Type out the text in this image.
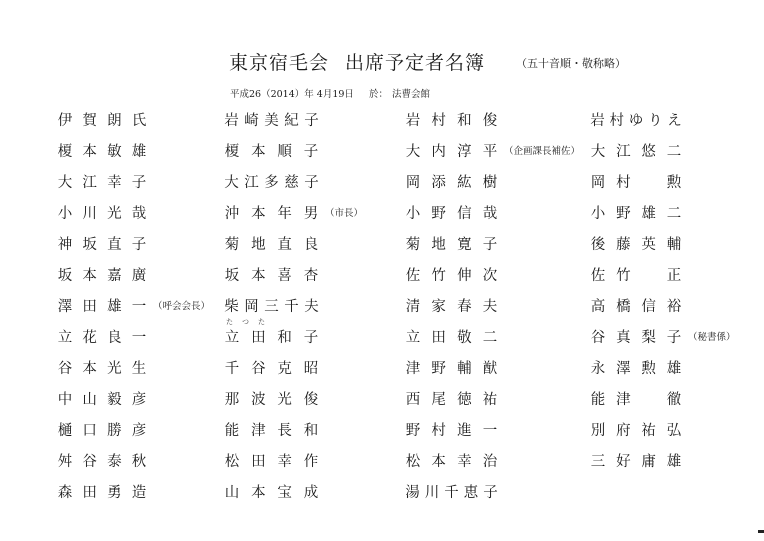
東京宿毛会 出席予定者名簿	（五十音順・敬称略）
平成26（2014）年 4月19日 於： 法曹会館
伊 賀 朗 氏
榎 本 敏 雄
大 江 幸 子
小 川 光 哉
神 坂 直 子
坂 本 嘉 廣
澤 田 雄 一 （呼会会長）
立 花 良 一
谷 本 光 生
中 山 毅 彦
樋 口 勝 彦
舛 谷 泰 秋
森 田 勇 造
岩 崎 美 紀 子
榎 本 順 子
大 江 多 慈 子
沖 本 年 男 （市長）
菊 地 直 良
坂 本 喜 杏
柴 岡 三 千 夫
立 田 和 子
たつた
千 谷 克 昭
那 波 光 俊
能 津 長 和
松 田 幸 作
山 本 宝 成
岩 村 和 俊
大 内 淳 平 （企画課長補佐）
岡 添 紘 樹
小 野 信 哉
菊 地 寛 子
佐 竹 伸 次
清 家 春 夫
立 田 敬 二
津 野 輔 猷
西 尾 徳 祐
野 村 進 一
松 本 幸 治
湯 川 千 恵 子
岩 村 ゆ り え
大 江 悠 二
岡 村 勲
小 野 雄 二
後 藤 英 輔
佐 竹 正
高 橋 信 裕
谷 真 梨 子 （秘書係）
永 澤 勲 雄
能 津 徹
別 府 祐 弘
三 好 庸 雄
